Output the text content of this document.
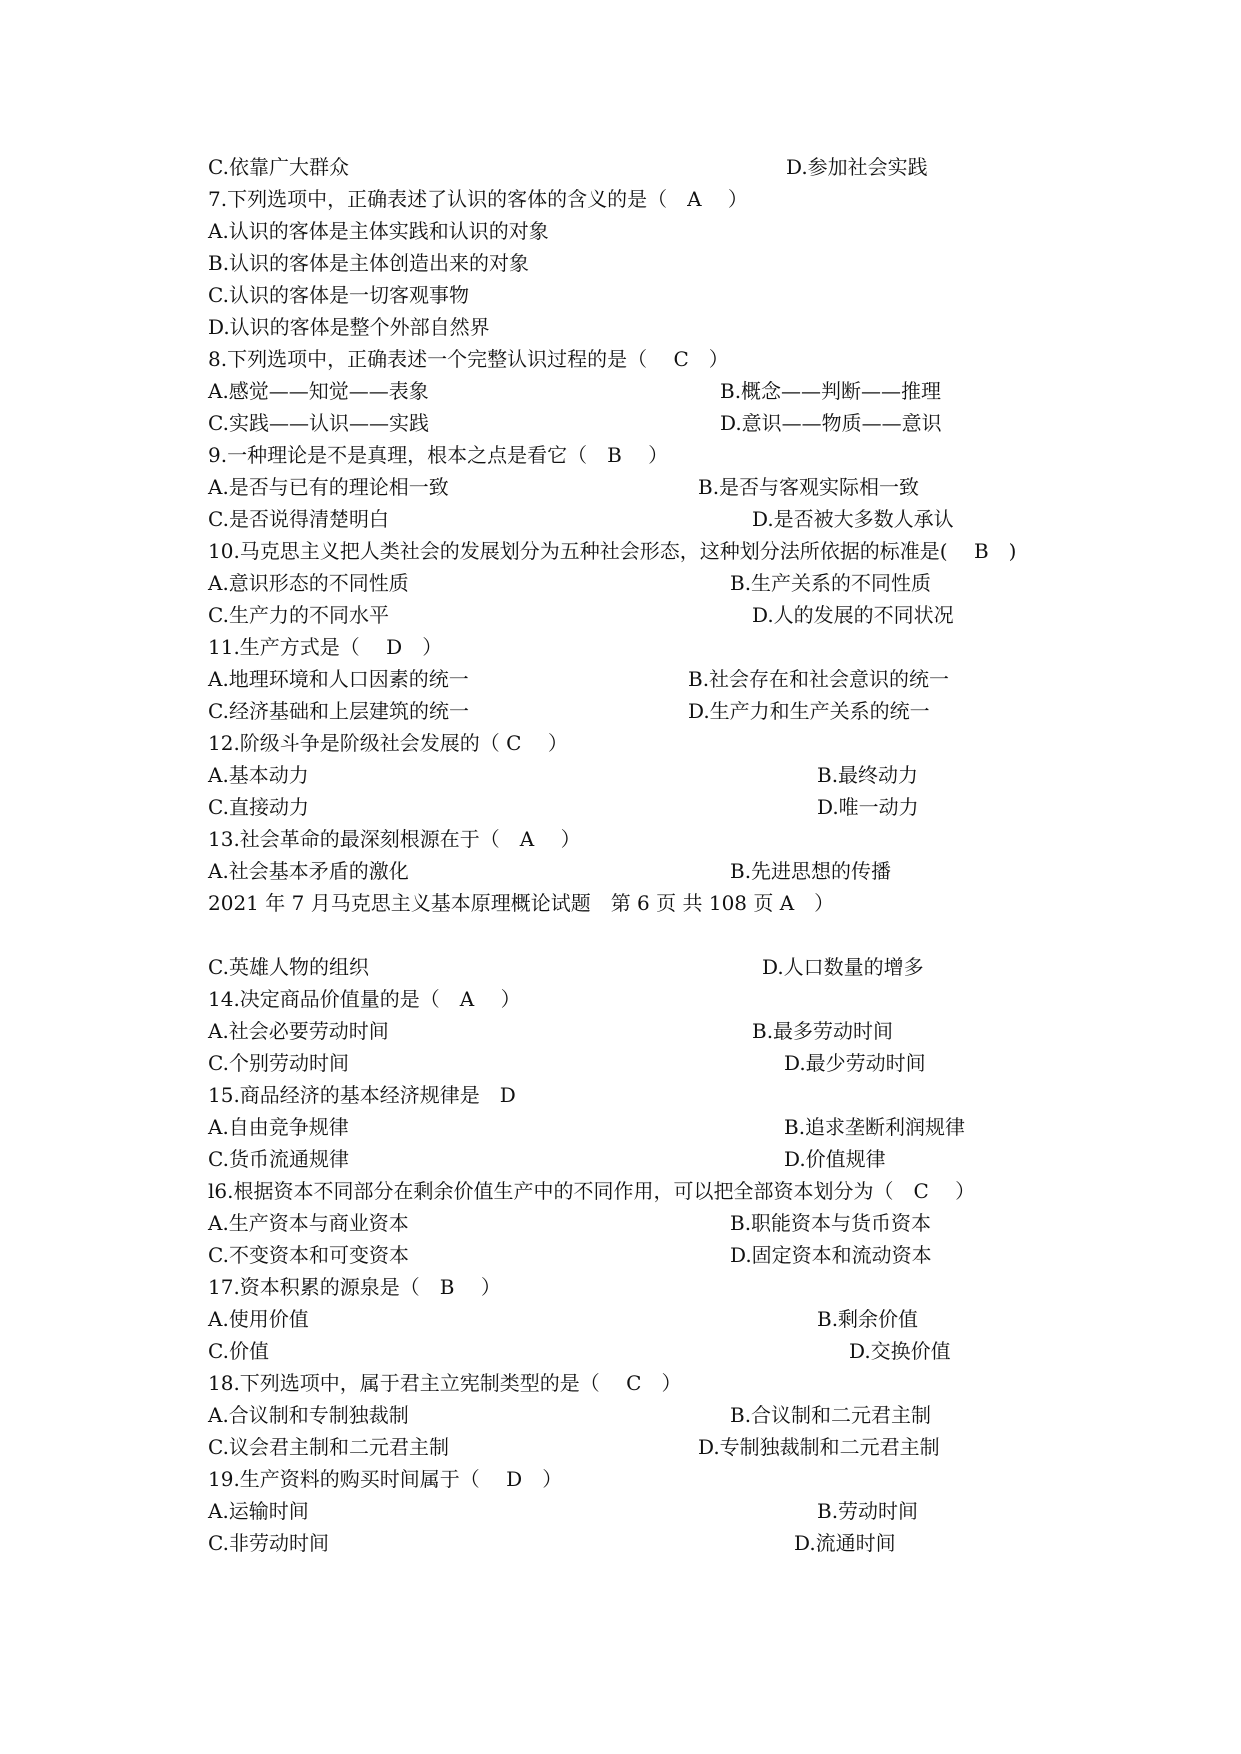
C.依靠广大群众	D.参加社会实践
7.下列选项中，正确表述了认识的客体的含义的是（　A　 ）
A.认识的客体是主体实践和认识的对象
B.认识的客体是主体创造出来的对象
C.认识的客体是一切客观事物
D.认识的客体是整个外部自然界
8.下列选项中，正确表述一个完整认识过程的是（　 C　）
A.感觉——知觉——表象	B.概念——判断——推理
C.实践——认识——实践	D.意识——物质——意识
9.一种理论是不是真理，根本之点是看它（　B　 ）
A.是否与已有的理论相一致	B.是否与客观实际相一致
C.是否说得清楚明白	D.是否被大多数人承认
10.马克思主义把人类社会的发展划分为五种社会形态，这种划分法所依据的标准是(　 B　)
A.意识形态的不同性质	B.生产关系的不同性质
C.生产力的不同水平	D.人的发展的不同状况
11.生产方式是（　 D　）
A.地理环境和人口因素的统一	B.社会存在和社会意识的统一
C.经济基础和上层建筑的统一	D.生产力和生产关系的统一
12.阶级斗争是阶级社会发展的（ C　 ）
A.基本动力	B.最终动力
C.直接动力	D.唯一动力
13.社会革命的最深刻根源在于（　A　 ）
A.社会基本矛盾的激化	B.先进思想的传播
2021 年 7 月马克思主义基本原理概论试题　第 6 页 共 108 页 A　）
C.英雄人物的组织	D.人口数量的增多
14.决定商品价值量的是（　A　 ）
A.社会必要劳动时间	B.最多劳动时间
C.个别劳动时间	D.最少劳动时间
15.商品经济的基本经济规律是　D
A.自由竞争规律	B.追求垄断利润规律
C.货币流通规律	D.价值规律
l6.根据资本不同部分在剩余价值生产中的不同作用，可以把全部资本划分为（　C　 ）
A.生产资本与商业资本	B.职能资本与货币资本
C.不变资本和可变资本	D.固定资本和流动资本
17.资本积累的源泉是（　B　 ）
A.使用价值	B.剩余价值
C.价值	D.交换价值
18.下列选项中，属于君主立宪制类型的是（　 C　）
A.合议制和专制独裁制	B.合议制和二元君主制
C.议会君主制和二元君主制	D.专制独裁制和二元君主制
19.生产资料的购买时间属于（　 D　）
A.运输时间	B.劳动时间
C.非劳动时间	D.流通时间
